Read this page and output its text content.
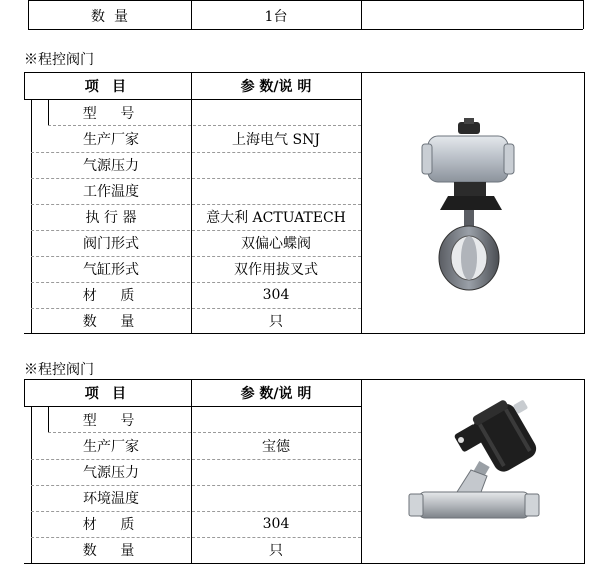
数  量	1台
※程控阀门
项 目	参 数/说 明
型  号
生产厂家	上海电气 SNJ
气源压力
工作温度
执 行 器	意大利 ACTUATECH
阀门形式	双偏心蝶阀
气缸形式	双作用拔叉式
材  质	304
数  量	只
※程控阀门
项 目	参 数/说 明
型  号
生产厂家	宝德
气源压力
环境温度
材  质	304
数  量	只
